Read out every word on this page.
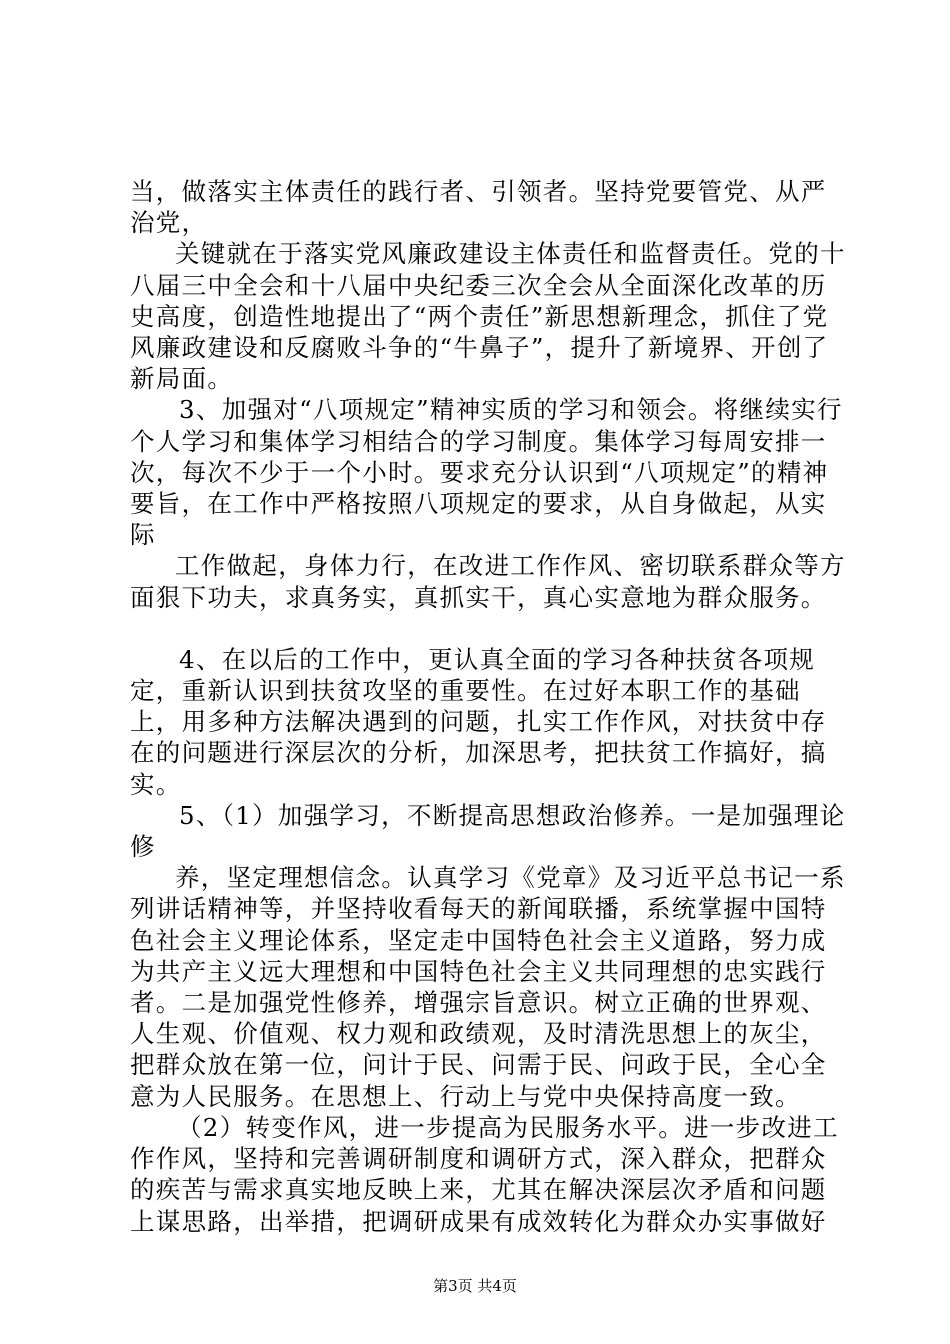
当，做落实主体责任的践行者、引领者。坚持党要管党、从严治党，

关键就在于落实党风廉政建设主体责任和监督责任。党的十八届三中全会和十八届中央纪委三次全会从全面深化改革的历史高度，创造性地提出了“两个责任”新思想新理念，抓住了党风廉政建设和反腐败斗争的“牛鼻子”，提升了新境界、开创了新局面。

3、加强对“八项规定”精神实质的学习和领会。将继续实行个人学习和集体学习相结合的学习制度。集体学习每周安排一次，每次不少于一个小时。要求充分认识到“八项规定”的精神要旨，在工作中严格按照八项规定的要求，从自身做起，从实际

工作做起，身体力行，在改进工作作风、密切联系群众等方面狠下功夫，求真务实，真抓实干，真心实意地为群众服务。

4、在以后的工作中，更认真全面的学习各种扶贫各项规定，重新认识到扶贫攻坚的重要性。在过好本职工作的基础上，用多种方法解决遇到的问题，扎实工作作风，对扶贫中存在的问题进行深层次的分析，加深思考，把扶贫工作搞好，搞实。

5、（1）加强学习，不断提高思想政治修养。一是加强理论修

养，坚定理想信念。认真学习《党章》及习近平总书记一系列讲话精神等，并坚持收看每天的新闻联播，系统掌握中国特色社会主义理论体系，坚定走中国特色社会主义道路，努力成为共产主义远大理想和中国特色社会主义共同理想的忠实践行者。二是加强党性修养，增强宗旨意识。树立正确的世界观、人生观、价值观、权力观和政绩观，及时清洗思想上的灰尘，把群众放在第一位，问计于民、问需于民、问政于民，全心全意为人民服务。在思想上、行动上与党中央保持高度一致。

（2）转变作风，进一步提高为民服务水平。进一步改进工作作风，坚持和完善调研制度和调研方式，深入群众，把群众的疾苦与需求真实地反映上来，尤其在解决深层次矛盾和问题上谋思路，出举措，把调研成果有成效转化为群众办实事做好

第3页 共4页
